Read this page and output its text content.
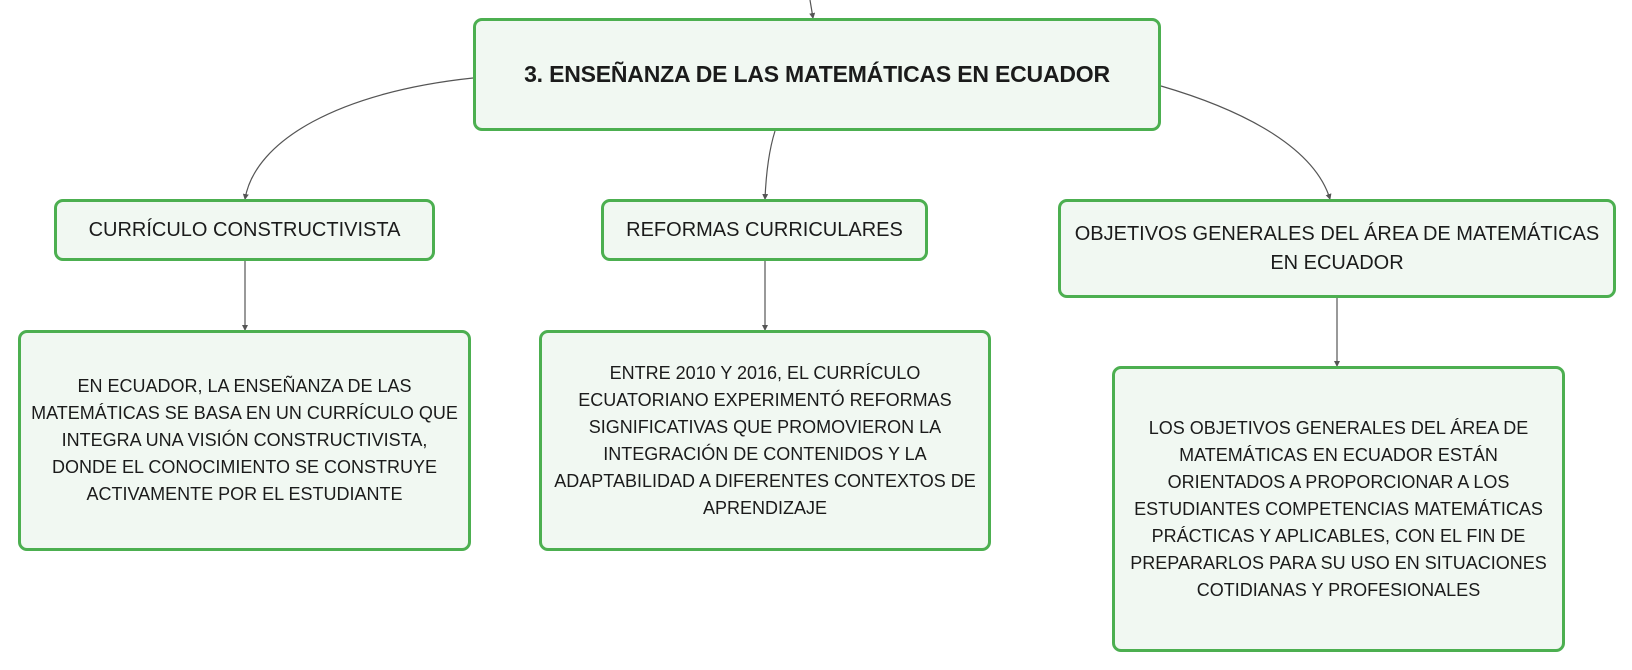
3. ENSEÑANZA DE LAS MATEMÁTICAS EN ECUADOR
CURRÍCULO CONSTRUCTIVISTA	REFORMAS CURRICULARES	OBJETIVOS GENERALES DEL ÁREA DE MATEMÁTICAS EN ECUADOR
EN ECUADOR, LA ENSEÑANZA DE LAS MATEMÁTICAS SE BASA EN UN CURRÍCULO QUE INTEGRA UNA VISIÓN CONSTRUCTIVISTA, DONDE EL CONOCIMIENTO SE CONSTRUYE ACTIVAMENTE POR EL ESTUDIANTE
ENTRE 2010 Y 2016, EL CURRÍCULO ECUATORIANO EXPERIMENTÓ REFORMAS SIGNIFICATIVAS QUE PROMOVIERON LA INTEGRACIÓN DE CONTENIDOS Y LA ADAPTABILIDAD A DIFERENTES CONTEXTOS DE APRENDIZAJE
LOS OBJETIVOS GENERALES DEL ÁREA DE MATEMÁTICAS EN ECUADOR ESTÁN ORIENTADOS A PROPORCIONAR A LOS ESTUDIANTES COMPETENCIAS MATEMÁTICAS PRÁCTICAS Y APLICABLES, CON EL FIN DE PREPARARLOS PARA SU USO EN SITUACIONES COTIDIANAS Y PROFESIONALES
